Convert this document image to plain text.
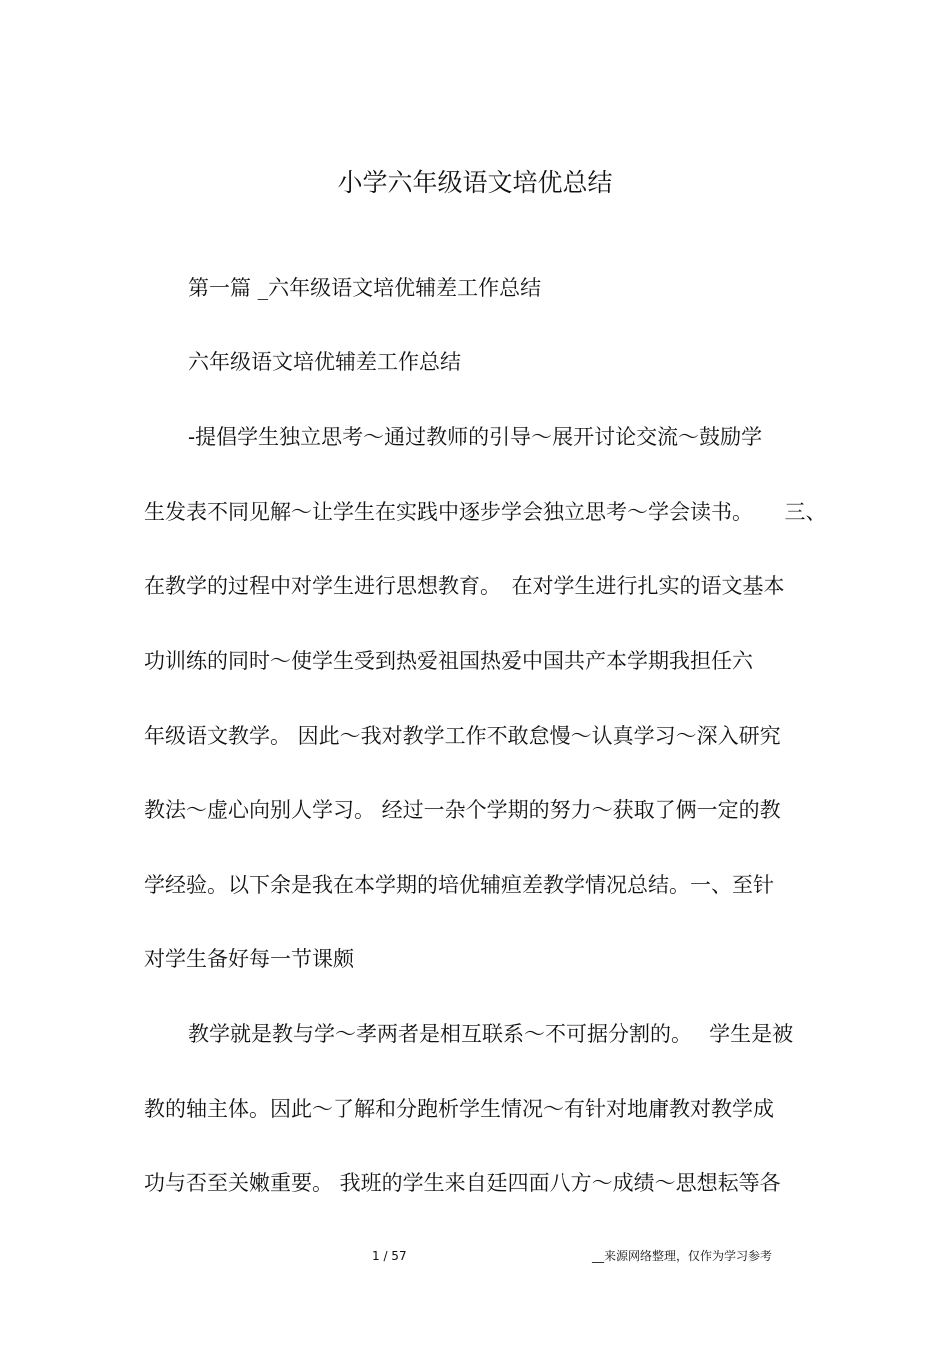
小学六年级语文培优总结
第一篇 _六年级语文培优辅差工作总结
六年级语文培优辅差工作总结
-提倡学生独立思考～通过教师的引导～展开讨论交流～鼓励学
生发表不同见解～让学生在实践中逐步学会独立思考～学会读书。　　三、
在教学的过程中对学生进行思想教育。　在对学生进行扎实的语文基本
功训练的同时～使学生受到热爱祖国热爱中国共产本学期我担任六
年级语文教学。 因此～我对教学工作不敢怠慢～认真学习～深入研究
教法～虚心向别人学习。 经过一杂个学期的努力～获取了俩一定的教
学经验。以下余是我在本学期的培优辅疸差教学情况总结。一、至针
对学生备好每一节课颇
教学就是教与学～孝两者是相互联系～不可据分割的。　 学生是被
教的轴主体。因此～了解和分跑析学生情况～有针对地庸教对教学成
功与否至关嫩重要。 我班的学生来自廷四面八方～成绩～思想耘等各
1 / 57	__来源网络整理，仅作为学习参考
